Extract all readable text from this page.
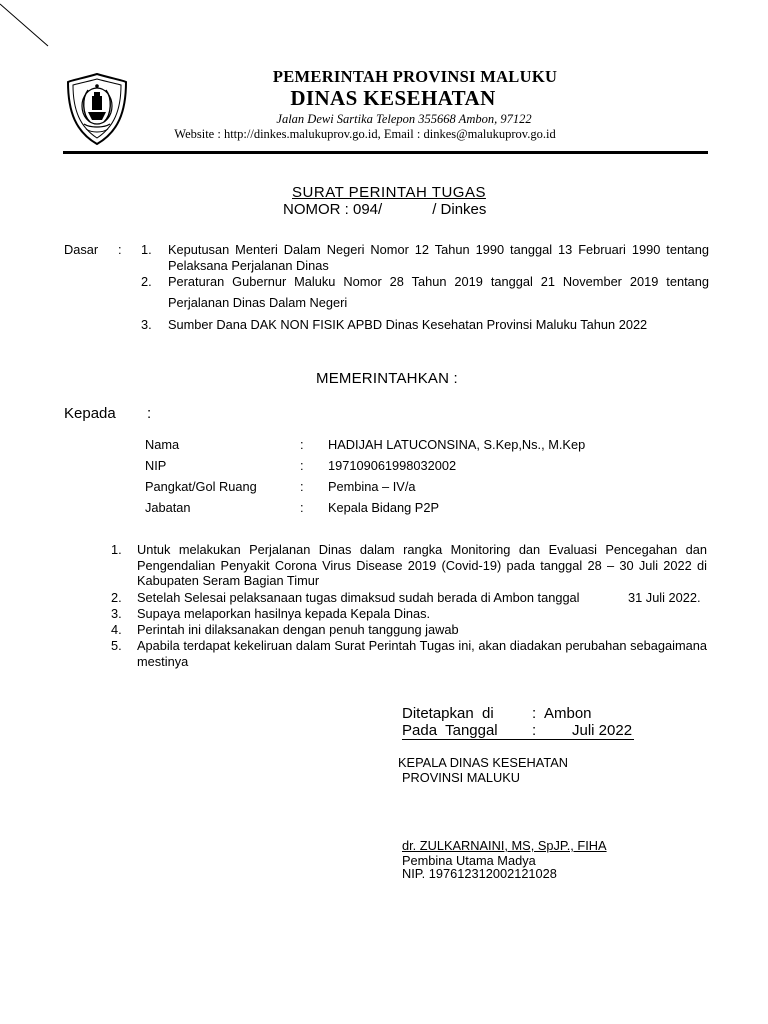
PEMERINTAH PROVINSI MALUKU
DINAS KESEHATAN
Jalan Dewi Sartika Telepon 355668 Ambon, 97122
Website : http://dinkes.malukuprov.go.id, Email : dinkes@malukuprov.go.id
SURAT PERINTAH TUGAS
NOMOR : 094/            / Dinkes
Dasar : 1. Keputusan Menteri Dalam Negeri Nomor 12 Tahun 1990 tanggal 13 Februari 1990 tentang Pelaksana Perjalanan Dinas
2. Peraturan Gubernur Maluku Nomor 28 Tahun 2019 tanggal 21 November 2019 tentang
Perjalanan Dinas Dalam Negeri
3. Sumber Dana DAK NON FISIK APBD Dinas Kesehatan Provinsi Maluku Tahun 2022
MEMERINTAHKAN :
Kepada :
Nama	: HADIJAH LATUCONSINA, S.Kep,Ns., M.Kep
NIP	: 197109061998032002
Pangkat/Gol Ruang	: Pembina – IV/a
Jabatan	: Kepala Bidang P2P
1. Untuk melakukan Perjalanan Dinas dalam rangka Monitoring dan Evaluasi Pencegahan dan Pengendalian Penyakit Corona Virus Disease 2019 (Covid-19) pada tanggal 28 – 30 Juli 2022 di Kabupaten Seram Bagian Timur
2. Setelah Selesai pelaksanaan tugas dimaksud sudah berada di Ambon tanggal	31 Juli 2022.
3. Supaya melaporkan hasilnya kepada Kepala Dinas.
4. Perintah ini dilaksanakan dengan penuh tanggung jawab
5. Apabila terdapat kekeliruan dalam Surat Perintah Tugas ini, akan diadakan perubahan sebagaimana mestinya
Ditetapkan  di	: Ambon
Pada  Tanggal : Juli 2022
KEPALA DINAS KESEHATAN
PROVINSI MALUKU
dr. ZULKARNAINI, MS, SpJP., FIHA
Pembina Utama Madya
NIP. 197612312002121028
